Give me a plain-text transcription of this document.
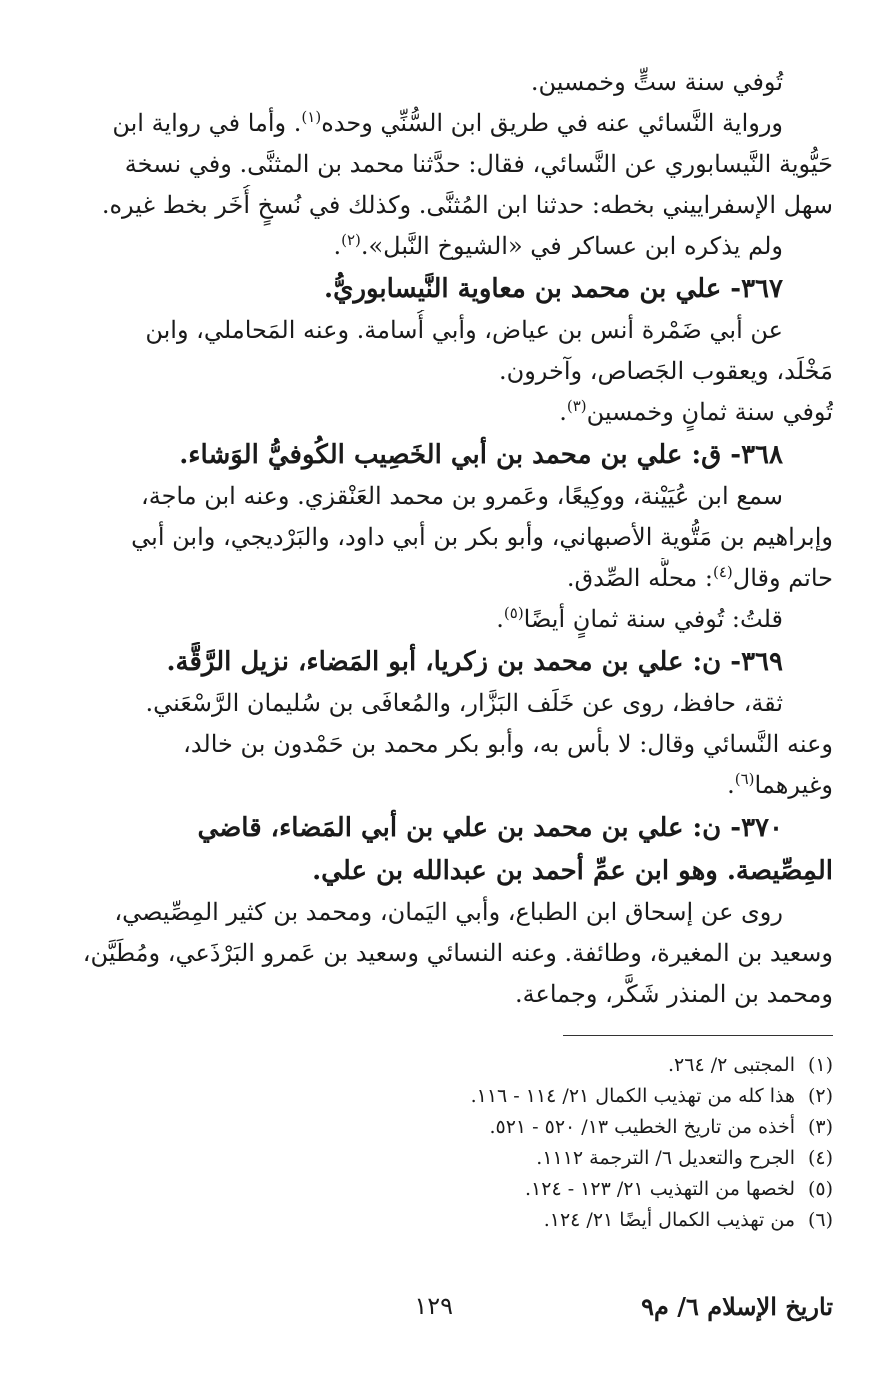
تُوفي سنة ستٍّ وخمسين.

ورواية النَّسائي عنه في طريق ابن السُّنِّي وحده$^{(١)}$. وأما في رواية ابن

حَيُّوية النَّيسابوري عن النَّسائي، فقال: حدَّثنا محمد بن المثنَّى. وفي نسخة

سهل الإسفراييني بخطه: حدثنا ابن المُثنَّى. وكذلك في نُسخٍ أُخَر بخط غيره.

ولم يذكره ابن عساكر في «الشيوخ النَّبل».$^{(٢)}$.

٣٦٧- علي بن محمد بن معاوية النَّيسابوريُّ.

عن أبي ضَمْرة أنس بن عياض، وأبي أُسامة. وعنه المَحاملي، وابن

مَخْلَد، ويعقوب الجَصاص، وآخرون.

تُوفي سنة ثمانٍ وخمسين$^{(٣)}$.

٣٦٨- ق: علي بن محمد بن أبي الخَصِيب الكُوفيُّ الوَشاء.

سمع ابن عُيَيْنة، ووكِيعًا، وعَمرو بن محمد العَنْقزي. وعنه ابن ماجة،

وإبراهيم بن مَتُّوية الأصبهاني، وأبو بكر بن أبي داود، والبَرْديجي، وابن أبي

حاتم وقال$^{(٤)}$: محلُّه الصِّدق.

قلتُ: تُوفي سنة ثمانٍ أيضًا$^{(٥)}$.

٣٦٩- ن: علي بن محمد بن زكريا، أبو المَضاء، نزيل الرَّقَّة.

ثقة، حافظ، روى عن خَلَف البَزَّار، والمُعافَى بن سُليمان الرَّسْعَني.

وعنه النَّسائي وقال: لا بأس به، وأبو بكر محمد بن حَمْدون بن خالد،

وغيرهما$^{(٦)}$.

٣٧٠- ن: علي بن محمد بن علي بن أبي المَضاء، قاضي

المِصِّيصة. وهو ابن عمِّ أحمد بن عبدالله بن علي.

روى عن إسحاق ابن الطباع، وأبي اليَمان، ومحمد بن كثير المِصِّيصي،

وسعيد بن المغيرة، وطائفة. وعنه النسائي وسعيد بن عَمرو البَرْذَعي، ومُطَيَّن،

ومحمد بن المنذر شَكَّر، وجماعة.

(١)المجتبى ٢/ ٢٦٤.
(٢)هذا كله من تهذيب الكمال ٢١/ ١١٤ - ١١٦.
(٣)أخذه من تاريخ الخطيب ١٣/ ٥٢٠ - ٥٢١.
(٤)الجرح والتعديل ٦/ الترجمة ١١١٢.
(٥)لخصها من التهذيب ٢١/ ١٢٣ - ١٢٤.
(٦)من تهذيب الكمال أيضًا ٢١/ ١٢٤.
تاريخ الإسلام ٦/ م٩
١٢٩
